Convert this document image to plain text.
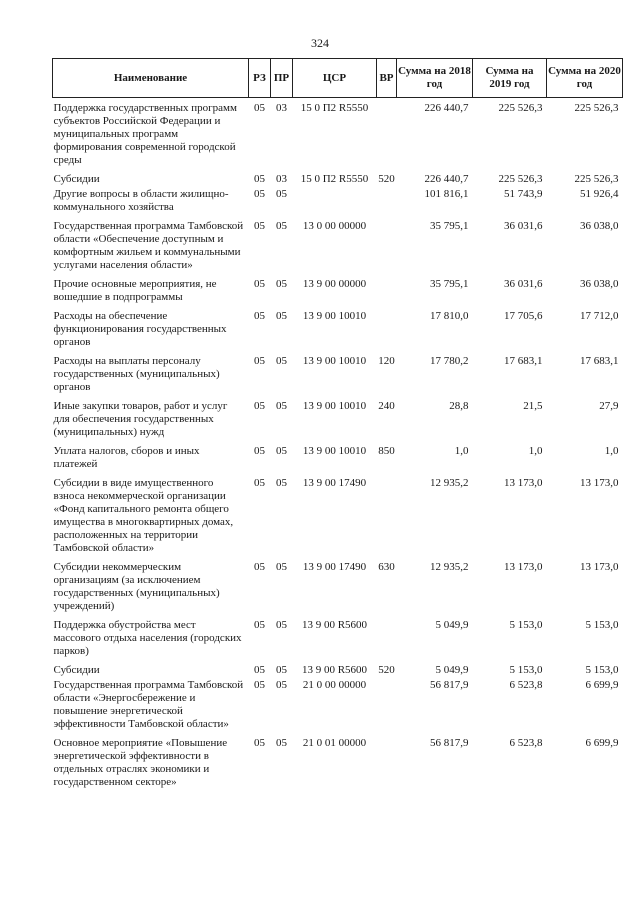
324
Наименование	РЗ	ПР	ЦСР	ВР	Сумма на 2018 год	Сумма на 2019 год	Сумма на 2020 год
Поддержка государственных программ субъектов Российской Федерации и муниципальных программ формирования современной городской среды	05	03	15 0 П2 R5550		226 440,7	225 526,3	225 526,3
Субсидии	05	03	15 0 П2 R5550	520	226 440,7	225 526,3	225 526,3
Другие вопросы в области жилищно-коммунального хозяйства	05	05			101 816,1	51 743,9	51 926,4
Государственная программа Тамбовской области «Обеспечение доступным и комфортным жильем и коммунальными услугами населения области»	05	05	13 0 00 00000		35 795,1	36 031,6	36 038,0
Прочие основные мероприятия, не вошедшие в подпрограммы	05	05	13 9 00 00000		35 795,1	36 031,6	36 038,0
Расходы на обеспечение функционирования государственных органов	05	05	13 9 00 10010		17 810,0	17 705,6	17 712,0
Расходы на выплаты персоналу государственных (муниципальных) органов	05	05	13 9 00 10010	120	17 780,2	17 683,1	17 683,1
Иные закупки товаров, работ и услуг для обеспечения государственных (муниципальных) нужд	05	05	13 9 00 10010	240	28,8	21,5	27,9
Уплата налогов, сборов и иных платежей	05	05	13 9 00 10010	850	1,0	1,0	1,0
Субсидии в виде имущественного взноса некоммерческой организации «Фонд капитального ремонта общего имущества в многоквартирных домах, расположенных на территории Тамбовской области»	05	05	13 9 00 17490		12 935,2	13 173,0	13 173,0
Субсидии некоммерческим организациям (за исключением государственных (муниципальных) учреждений)	05	05	13 9 00 17490	630	12 935,2	13 173,0	13 173,0
Поддержка обустройства мест массового отдыха населения (городских парков)	05	05	13 9 00 R5600		5 049,9	5 153,0	5 153,0
Субсидии	05	05	13 9 00 R5600	520	5 049,9	5 153,0	5 153,0
Государственная программа Тамбовской области «Энергосбережение и повышение энергетической эффективности Тамбовской области»	05	05	21 0 00 00000		56 817,9	6 523,8	6 699,9
Основное мероприятие «Повышение энергетической эффективности в отдельных отраслях экономики и государственном секторе»	05	05	21 0 01 00000		56 817,9	6 523,8	6 699,9
